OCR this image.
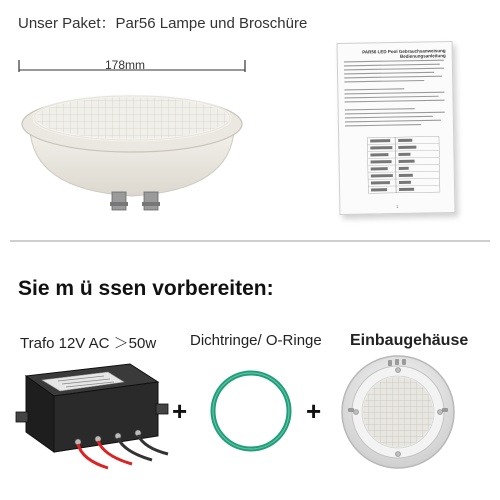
Unser Paket：Par56 Lampe und Broschüre
178mm
PAR56 LED Pool Gebrauchsanweisung Bedienungsanleitung
1
Sie m ü ssen vorbereiten:
Trafo 12V AC ＞50w Dichtringe/ O-Ringe Einbaugehäuse
+	+
